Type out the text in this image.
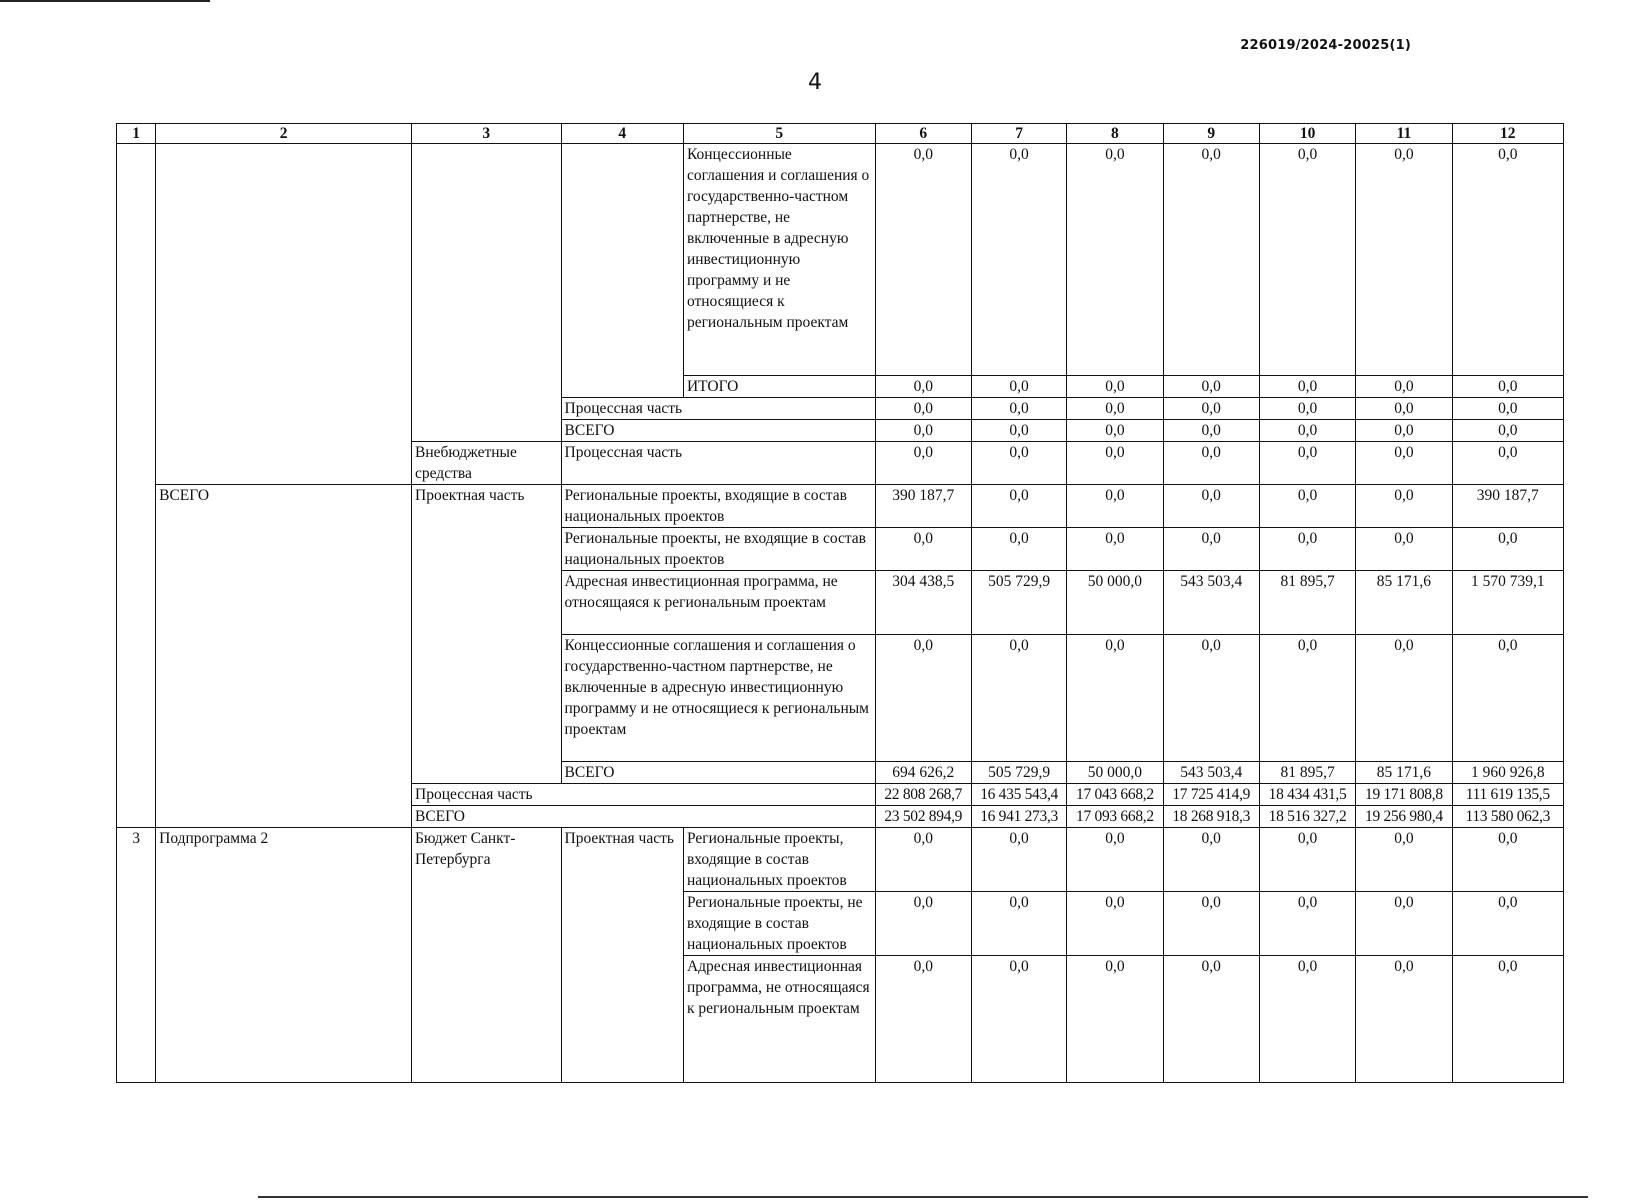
226019/2024-20025(1)
4
1	2	3	4	5	6	7	8	9	10	11	12
				Концессионные соглашения и соглашения о государственно-частном партнерстве, не включенные в адресную инвестиционную программу и не относящиеся к региональным проектам	0,0	0,0	0,0	0,0	0,0	0,0	0,0
				ИТОГО	0,0	0,0	0,0	0,0	0,0	0,0	0,0
			Процессная часть		0,0	0,0	0,0	0,0	0,0	0,0	0,0
			ВСЕГО		0,0	0,0	0,0	0,0	0,0	0,0	0,0
		Внебюджетные средства	Процессная часть		0,0	0,0	0,0	0,0	0,0	0,0	0,0
	ВСЕГО	Проектная часть	Региональные проекты, входящие в состав национальных проектов		390 187,7	0,0	0,0	0,0	0,0	0,0	390 187,7
			Региональные проекты, не входящие в состав национальных проектов		0,0	0,0	0,0	0,0	0,0	0,0	0,0
			Адресная инвестиционная программа, не относящаяся к региональным проектам		304 438,5	505 729,9	50 000,0	543 503,4	81 895,7	85 171,6	1 570 739,1
			Концессионные соглашения и соглашения о государственно-частном партнерстве, не включенные в адресную инвестиционную программу и не относящиеся к региональным проектам		0,0	0,0	0,0	0,0	0,0	0,0	0,0
			ВСЕГО		694 626,2	505 729,9	50 000,0	543 503,4	81 895,7	85 171,6	1 960 926,8
		Процессная часть			22 808 268,7	16 435 543,4	17 043 668,2	17 725 414,9	18 434 431,5	19 171 808,8	111 619 135,5
		ВСЕГО			23 502 894,9	16 941 273,3	17 093 668,2	18 268 918,3	18 516 327,2	19 256 980,4	113 580 062,3
3	Подпрограмма 2	Бюджет Санкт-Петербурга	Проектная часть	Региональные проекты, входящие в состав национальных проектов	0,0	0,0	0,0	0,0	0,0	0,0	0,0
				Региональные проекты, не входящие в состав национальных проектов	0,0	0,0	0,0	0,0	0,0	0,0	0,0
				Адресная инвестиционная программа, не относящаяся к региональным проектам	0,0	0,0	0,0	0,0	0,0	0,0	0,0
